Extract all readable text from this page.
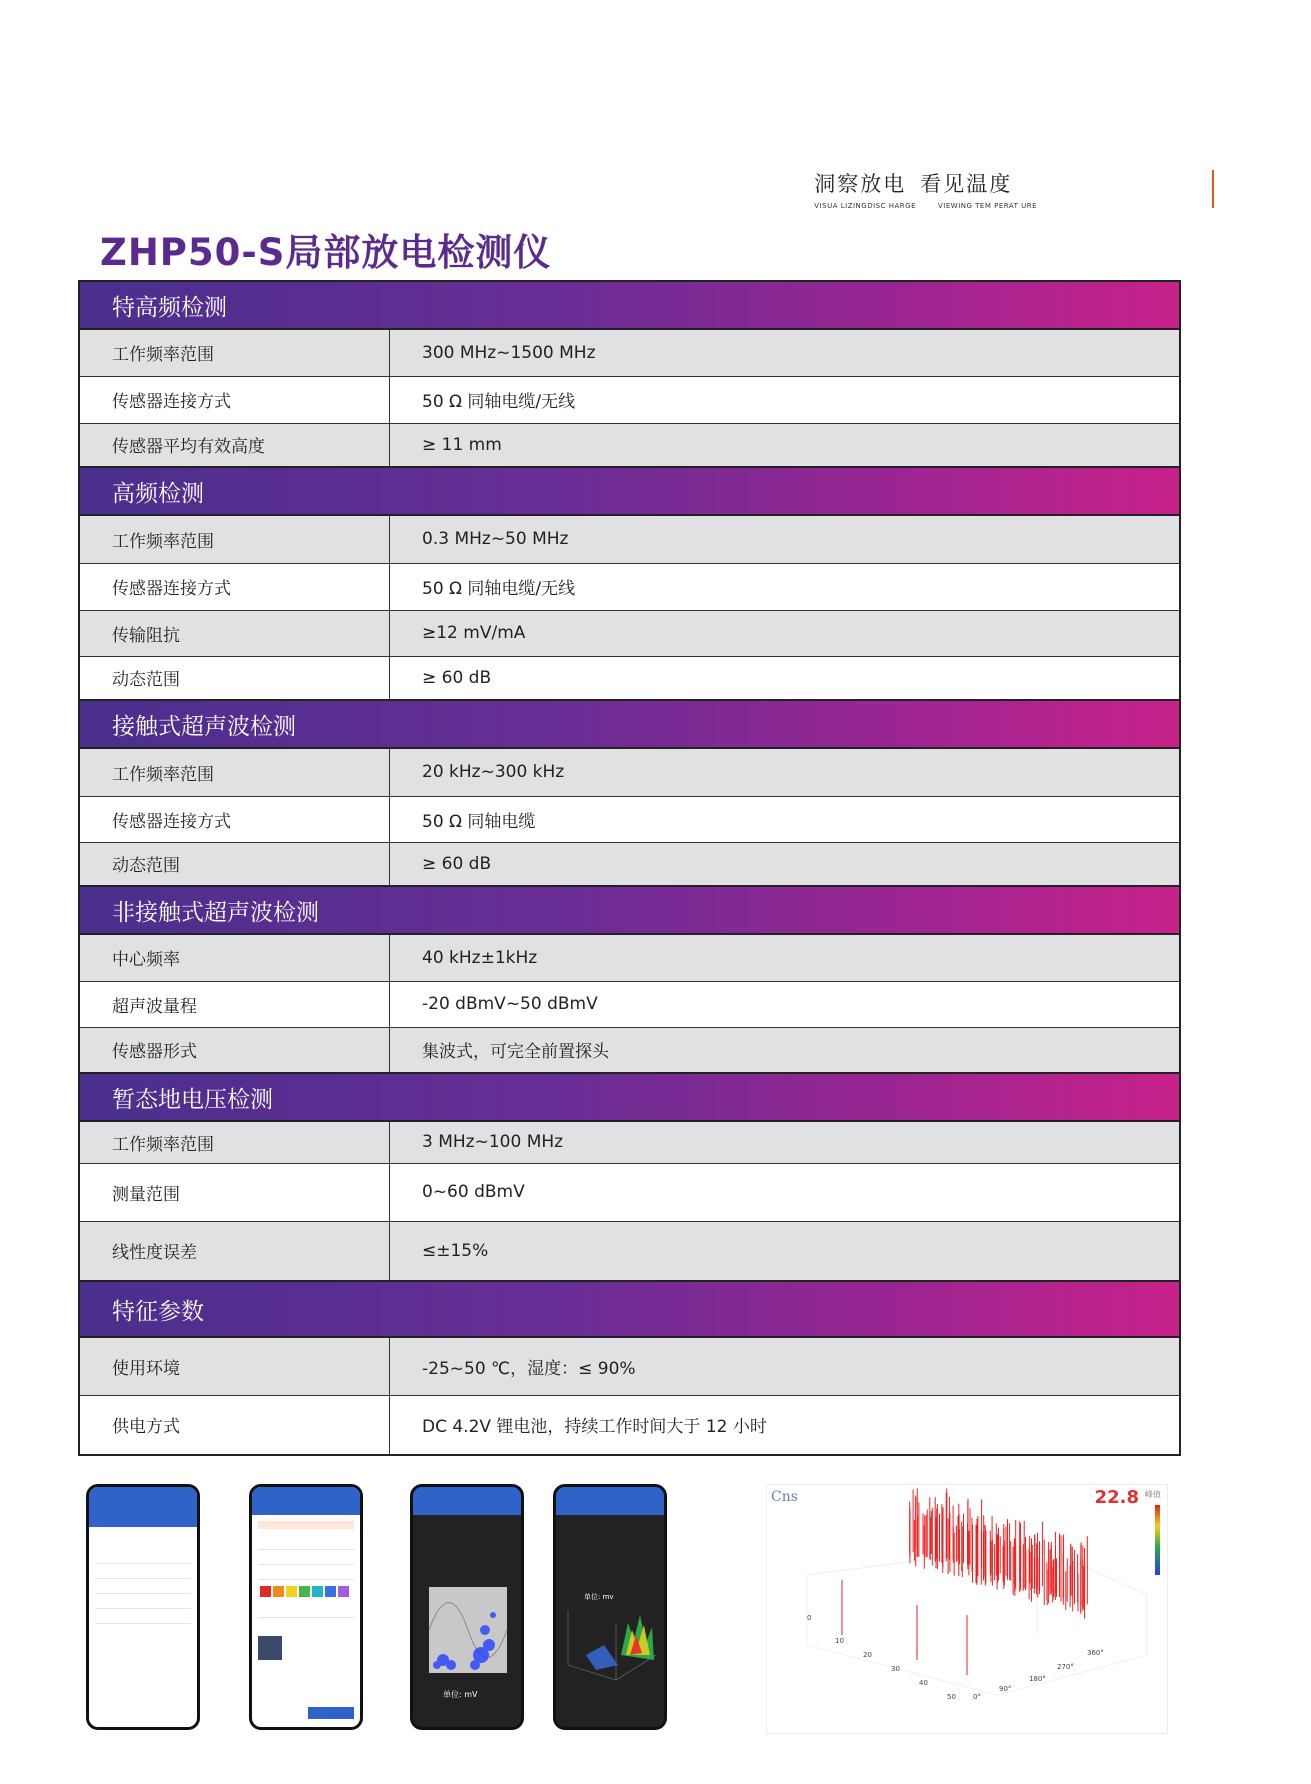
洞察放电 看见温度
VISUA LIZINGDISC HARGE	VIEWING TEM PERAT URE
ZHP50-S局部放电检测仪
特高频检测	
工作频率范围	300 MHz~1500 MHz
传感器连接方式	50 Ω 同轴电缆/无线
传感器平均有效高度	≥ 11 mm
高频检测	
工作频率范围	0.3 MHz~50 MHz
传感器连接方式	50 Ω 同轴电缆/无线
传输阻抗	≥12 mV/mA
动态范围	≥ 60 dB
接触式超声波检测	
工作频率范围	20 kHz~300 kHz
传感器连接方式	50 Ω 同轴电缆
动态范围	≥ 60 dB
非接触式超声波检测	
中心频率	40 kHz±1kHz
超声波量程	-20 dBmV~50 dBmV
传感器形式	集波式，可完全前置探头
暂态地电压检测	
工作频率范围	3 MHz~100 MHz
测量范围	0~60 dBmV
线性度误差	≤±15%
特征参数	
使用环境	-25~50 ℃，湿度：≤ 90%
供电方式	DC 4.2V 锂电池，持续工作时间大于 12 小时
单位: mV
单位: mv
Cns	22.8 峰值
0
10
20
30
40
50 0°
90°
180°
270°
360°
